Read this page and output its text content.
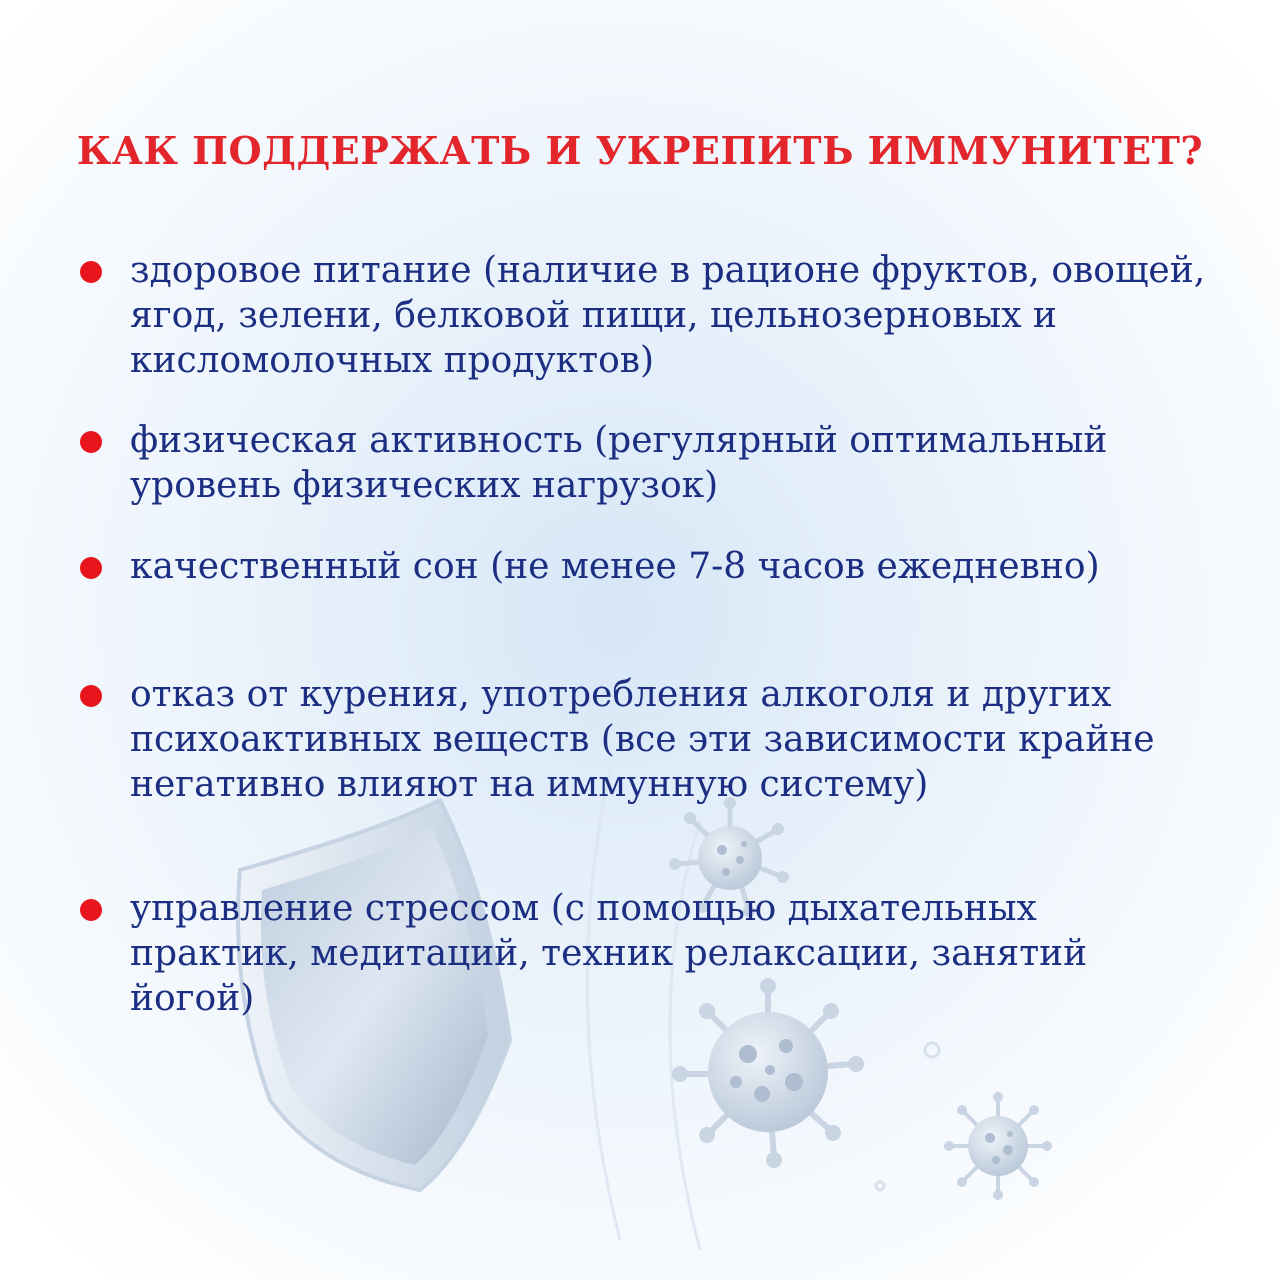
КАК ПОДДЕРЖАТЬ И УКРЕПИТЬ ИММУНИТЕТ?
здоровое питание (наличие в рационе фруктов, овощей, ягод, зелени, белковой пищи, цельнозерновых и кисломолочных продуктов)
физическая активность (регулярный оптимальный уровень физических нагрузок)
качественный сон (не менее 7-8 часов ежедневно)
отказ от курения, употребления алкоголя и других психоактивных веществ (все эти зависимости крайне негативно влияют на иммунную систему)
управление стрессом (с помощью дыхательных практик, медитаций, техник релаксации, занятий йогой)
